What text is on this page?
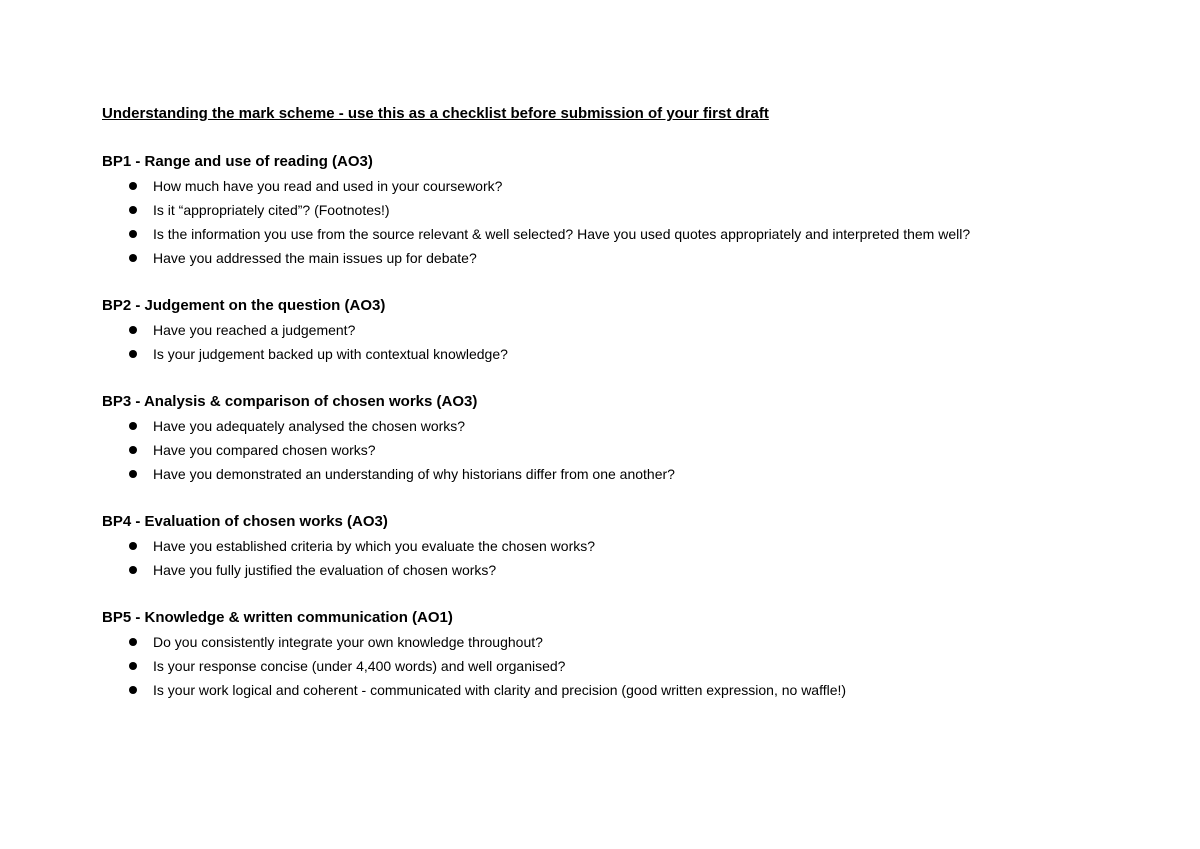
Understanding the mark scheme - use this as a checklist before submission of your first draft
BP1 - Range and use of reading (AO3)
How much have you read and used in your coursework?
Is it “appropriately cited”? (Footnotes!)
Is the information you use from the source relevant & well selected? Have you used quotes appropriately and interpreted them well?
Have you addressed the main issues up for debate?
BP2 - Judgement on the question (AO3)
Have you reached a judgement?
Is your judgement backed up with contextual knowledge?
BP3 - Analysis & comparison of chosen works (AO3)
Have you adequately analysed the chosen works?
Have you compared chosen works?
Have you demonstrated an understanding of why historians differ from one another?
BP4 - Evaluation of chosen works (AO3)
Have you established criteria by which you evaluate the chosen works?
Have you fully justified the evaluation of chosen works?
BP5 - Knowledge & written communication (AO1)
Do you consistently integrate your own knowledge throughout?
Is your response concise (under 4,400 words) and well organised?
Is your work logical and coherent - communicated with clarity and precision (good written expression, no waffle!)
